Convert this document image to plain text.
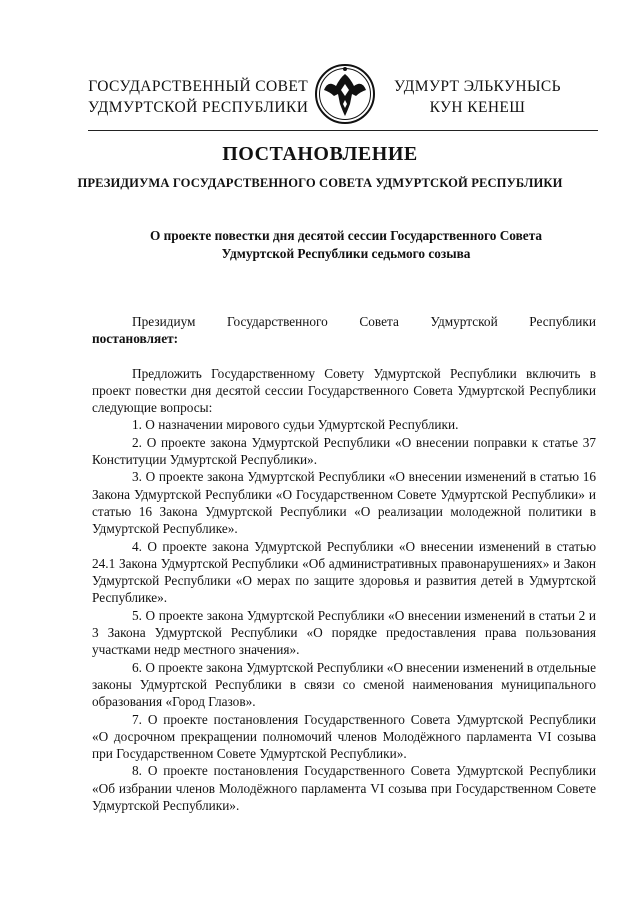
ГОСУДАРСТВЕННЫЙ СОВЕТ
УДМУРТСКОЙ РЕСПУБЛИКИ
УДМУРТ ЭЛЬКУНЫСЬ
КУН КЕНЕШ
ПОСТАНОВЛЕНИЕ
ПРЕЗИДИУМА ГОСУДАРСТВЕННОГО СОВЕТА УДМУРТСКОЙ РЕСПУБЛИКИ
О проекте повестки дня десятой сессии Государственного Совета
Удмуртской Республики седьмого созыва
Президиум Государственного Совета Удмуртской Республики
постановляет:

Предложить Государственному Совету Удмуртской Республики включить в проект повестки дня десятой сессии Государственного Совета Удмуртской Республики следующие вопросы:

1. О назначении мирового судьи Удмуртской Республики.

2. О проекте закона Удмуртской Республики «О внесении поправки к статье 37 Конституции Удмуртской Республики».

3. О проекте закона Удмуртской Республики «О внесении изменений в статью 16 Закона Удмуртской Республики «О Государственном Совете Удмуртской Республики» и статью 16 Закона Удмуртской Республики «О реализации молодежной политики в Удмуртской Республике».

4. О проекте закона Удмуртской Республики «О внесении изменений в статью 24.1 Закона Удмуртской Республики «Об административных правонарушениях» и Закон Удмуртской Республики «О мерах по защите здоровья и развития детей в Удмуртской Республике».

5. О проекте закона Удмуртской Республики «О внесении изменений в статьи 2 и 3 Закона Удмуртской Республики «О порядке предоставления права пользования участками недр местного значения».

6. О проекте закона Удмуртской Республики «О внесении изменений в отдельные законы Удмуртской Республики в связи со сменой наименования муниципального образования «Город Глазов».

7. О проекте постановления Государственного Совета Удмуртской Республики «О досрочном прекращении полномочий членов Молодёжного парламента VI созыва при Государственном Совете Удмуртской Республики».

8. О проекте постановления Государственного Совета Удмуртской Республики «Об избрании членов Молодёжного парламента VI созыва при Государственном Совете Удмуртской Республики».
